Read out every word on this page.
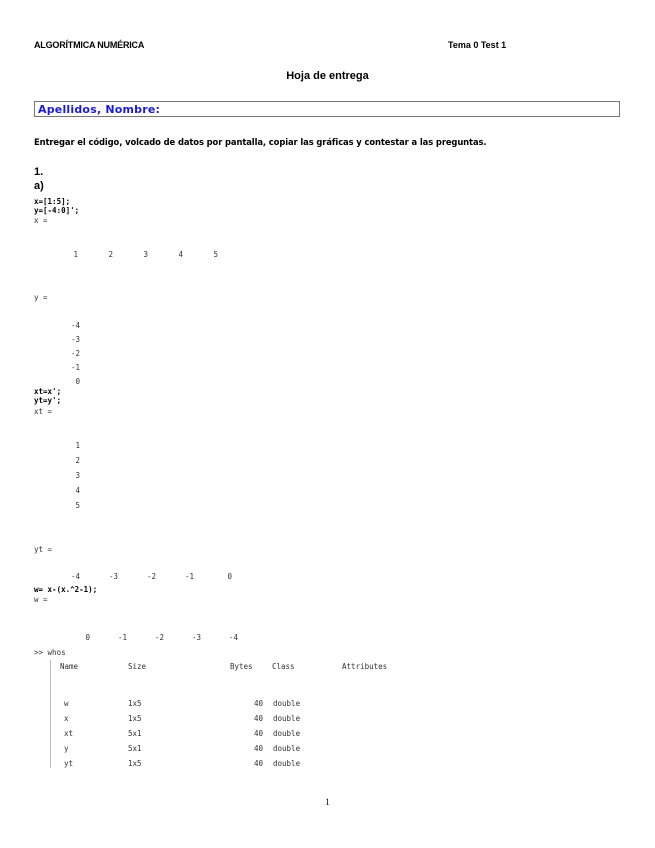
ALGORÍTMICA NUMÉRICA	Tema 0 Test 1
Hoja de entrega
Apellidos, Nombre:
Entregar el código, volcado de datos por pantalla, copiar las gráficas y contestar a las preguntas.
1.
a)
x=[1:5];
y=[-4:0]';
x =
1	2	3	4	5
y =
-4
-3
-2
-1
0
xt=x';
yt=y';
xt =
1
2
3
4
5
yt =
-4	-3	-2	-1	0
w= x-(x.^2-1);
w =
0	-1	-2	-3	-4
>> whos
Name	Size	Bytes	Class	Attributes
w	1x5	40 double
x	1x5	40 double
xt	5x1	40 double
y	5x1	40 double
yt	1x5	40 double
1
